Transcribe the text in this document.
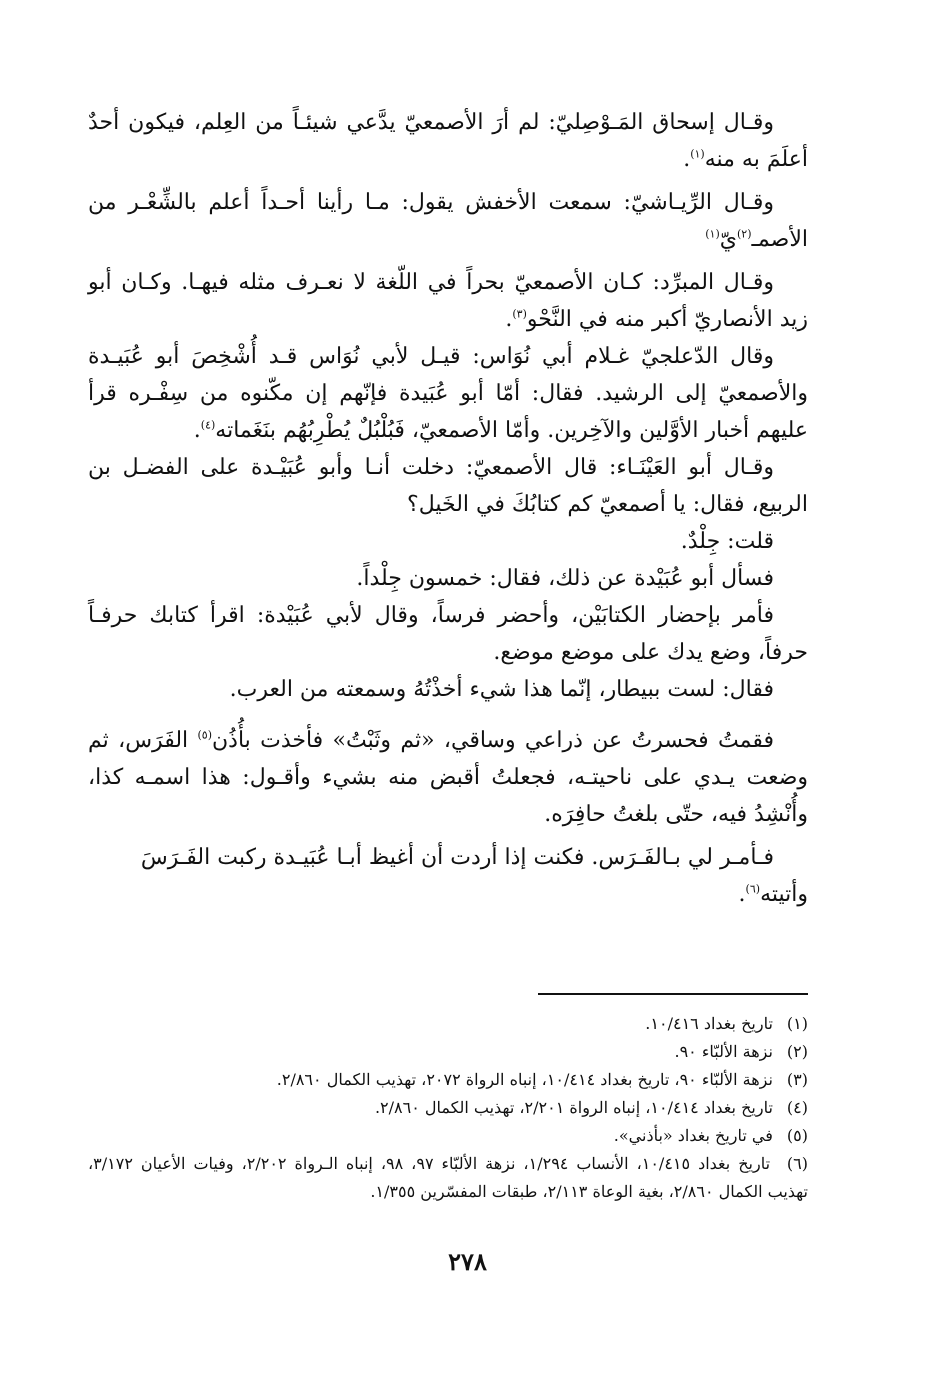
وقـال إسحاق المَـوْصِليّ: لم أرَ الأصمعيّ يدَّعي شيئـاً من العِلم، فيكون أحدٌ أعلَمَ به منه$^{(١)}$.

وقـال الرِّيـاشيّ: سمعت الأخفش يقول: مـا رأينا أحـداً أعلم بالشِّعْـر من الأصمـ$^{(٢)}$يّ$^{(١)}$

وقـال المبرِّد: كـان الأصمعيّ بحراً في اللّغة لا نعـرف مثله فيهـا. وكـان أبو زيد الأنصاريّ أكبر منه في النَّحْو$^{(٣)}$.

وقال الدّعلجيّ غـلام أبي نُوَاس: قيـل لأبي نُوَاس قـد أُشْخِصَ أبو عُبَيـدة والأصمعيّ إلى الرشيد. فقال: أمّا أبو عُبَيدة فإنّهم إن مكّنوه من سِفْـره قرأ عليهم أخبار الأوَّلين والآخِرين. وأمّا الأصمعيّ، فَبُلْبُلٌ يُطْرِبُهُم بنَغَماته$^{(٤)}$.

وقـال أبو العَيْنَـاء: قال الأصمعيّ: دخلت أنـا وأبو عُبَيْـدة على الفضـل بن الربيع، فقال: يا أصمعيّ كم كتابُكَ في الخَيل؟

قلت: جِلْدٌ.

فسأل أبو عُبَيْدة عن ذلك، فقال: خمسون جِلْداً.

فأمر بإحضار الكتابَيْن، وأحضر فرساً، وقال لأبي عُبَيْدة: اقرأ كتابك حرفـاً حرفاً، وضع يدك على موضع موضع.

فقال: لست ببيطار، إنّما هذا شيء أخذْتُهُ وسمعته من العرب.

فقمتُ فحسرتُ عن ذراعي وساقي، «ثم وثَبْتُ» فأخذت بأُذُن$^{(٥)}$ الفَرَس، ثم وضعت يـدي على ناحيتـه، فجعلتُ أقبض منه بشيء وأقـول: هذا اسمـه كذا، وأُنْشِدُ فيه، حتّى بلغتُ حافِرَه.

فـأمـر لي بـالفَـرَس. فكنت إذا أردت أن أغيظ أبـا عُبَيـدة ركبت الفَـرَسَ وأتيته$^{(٦)}$.

(١) تاريخ بغداد ١٠/٤١٦.

(٢) نزهة الألبّاء ٩٠.

(٣) نزهة الألبّاء ٩٠، تاريخ بغداد ١٠/٤١٤، إنباه الرواة ٢٠٧٢، تهذيب الكمال ٢/٨٦٠.

(٤) تاريخ بغداد ١٠/٤١٤، إنباه الرواة ٢/٢٠١، تهذيب الكمال ٢/٨٦٠.

(٥) في تاريخ بغداد «بأذني».

(٦) تاريخ بغداد ١٠/٤١٥، الأنساب ١/٢٩٤، نزهة الألبّاء ٩٧، ٩٨، إنباه الـرواة ٢/٢٠٢، وفيات الأعيان ٣/١٧٢، تهذيب الكمال ٢/٨٦٠، بغية الوعاة ٢/١١٣، طبقات المفسّرين ١/٣٥٥.

٢٧٨
